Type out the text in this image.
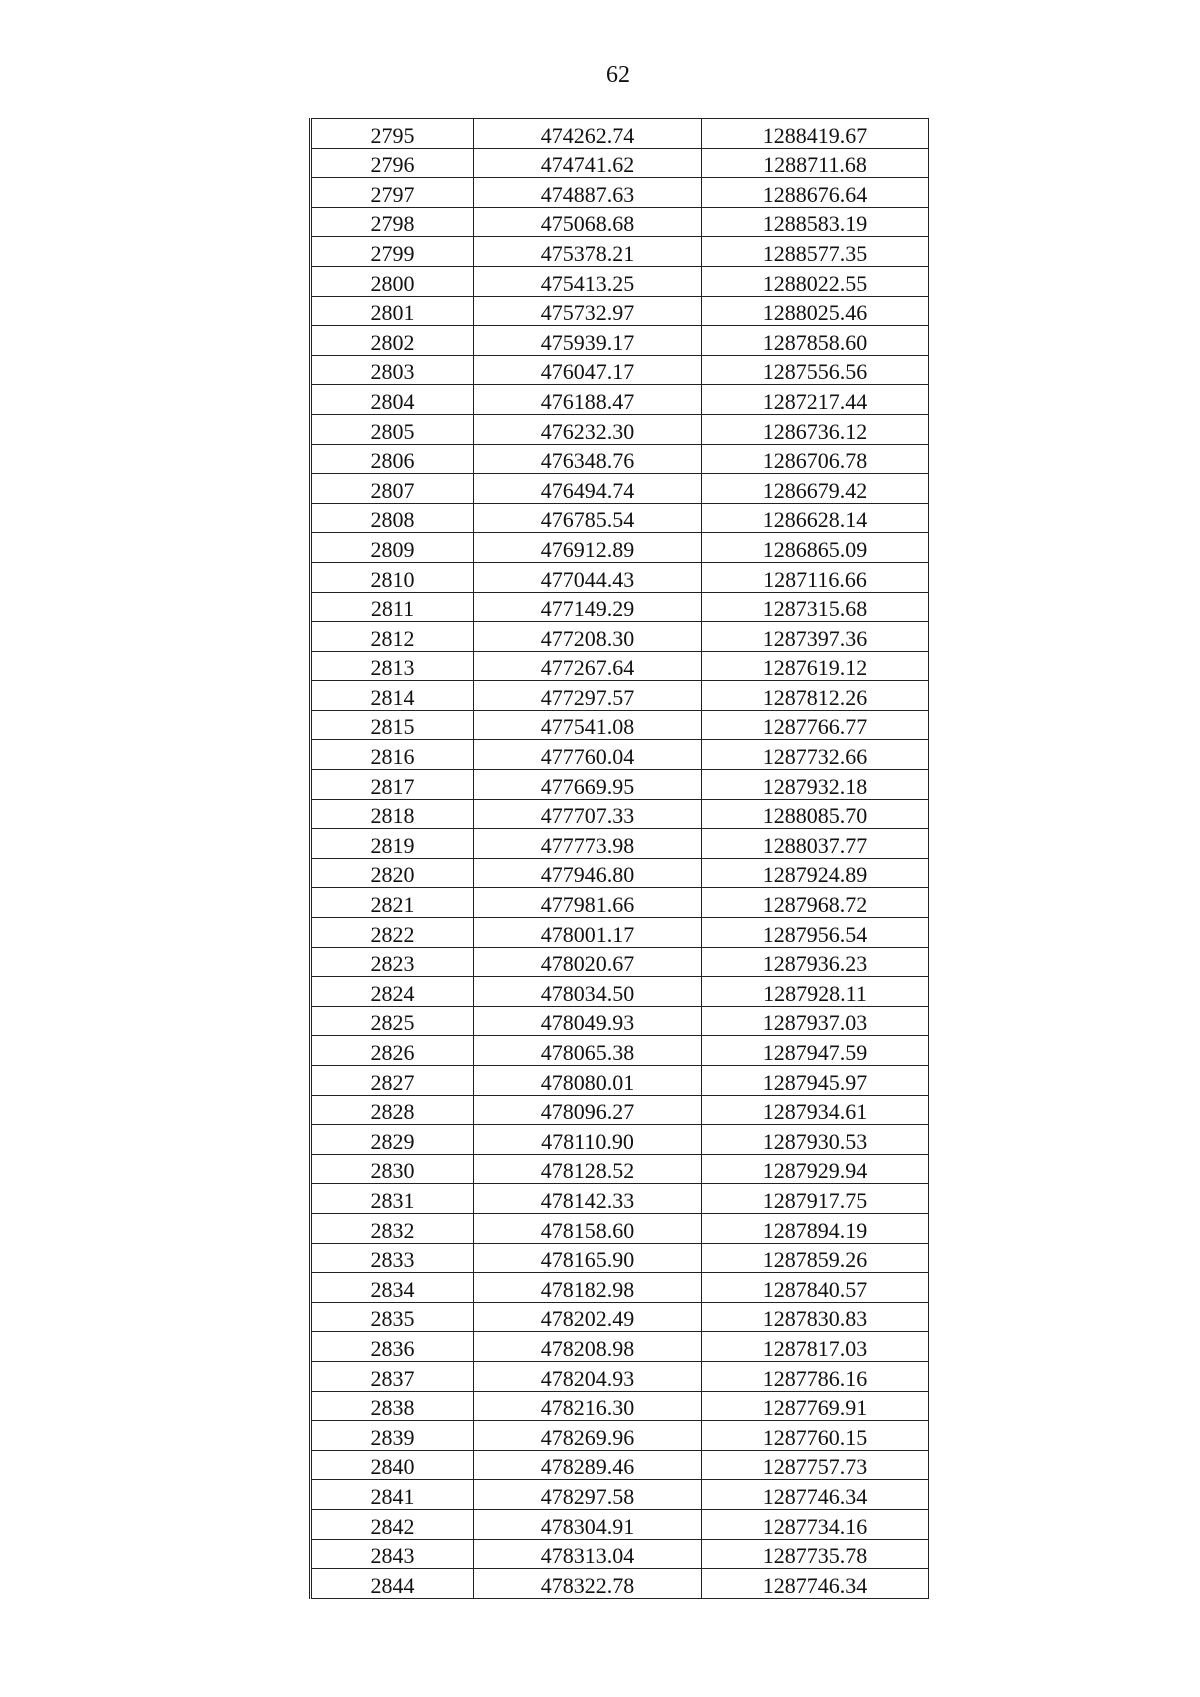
62
2795	474262.74	1288419.67
2796	474741.62	1288711.68
2797	474887.63	1288676.64
2798	475068.68	1288583.19
2799	475378.21	1288577.35
2800	475413.25	1288022.55
2801	475732.97	1288025.46
2802	475939.17	1287858.60
2803	476047.17	1287556.56
2804	476188.47	1287217.44
2805	476232.30	1286736.12
2806	476348.76	1286706.78
2807	476494.74	1286679.42
2808	476785.54	1286628.14
2809	476912.89	1286865.09
2810	477044.43	1287116.66
2811	477149.29	1287315.68
2812	477208.30	1287397.36
2813	477267.64	1287619.12
2814	477297.57	1287812.26
2815	477541.08	1287766.77
2816	477760.04	1287732.66
2817	477669.95	1287932.18
2818	477707.33	1288085.70
2819	477773.98	1288037.77
2820	477946.80	1287924.89
2821	477981.66	1287968.72
2822	478001.17	1287956.54
2823	478020.67	1287936.23
2824	478034.50	1287928.11
2825	478049.93	1287937.03
2826	478065.38	1287947.59
2827	478080.01	1287945.97
2828	478096.27	1287934.61
2829	478110.90	1287930.53
2830	478128.52	1287929.94
2831	478142.33	1287917.75
2832	478158.60	1287894.19
2833	478165.90	1287859.26
2834	478182.98	1287840.57
2835	478202.49	1287830.83
2836	478208.98	1287817.03
2837	478204.93	1287786.16
2838	478216.30	1287769.91
2839	478269.96	1287760.15
2840	478289.46	1287757.73
2841	478297.58	1287746.34
2842	478304.91	1287734.16
2843	478313.04	1287735.78
2844	478322.78	1287746.34
